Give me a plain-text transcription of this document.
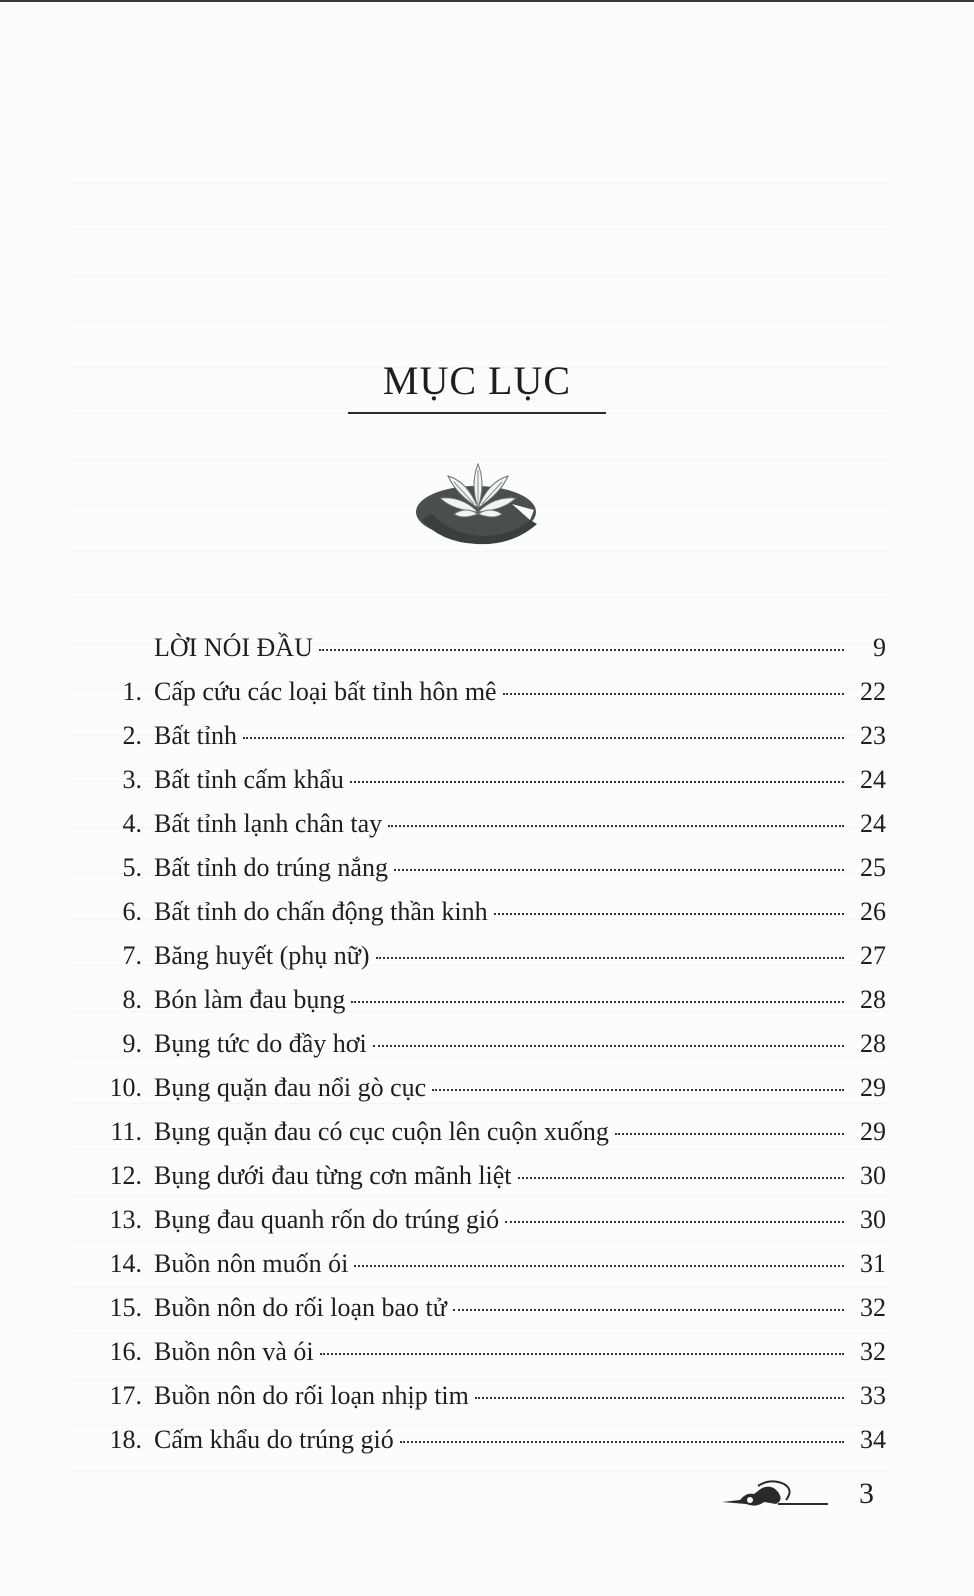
MỤC LỤC
LỜI NÓI ĐẦU	9
1. Cấp cứu các loại bất tỉnh hôn mê	22
2. Bất tỉnh	23
3. Bất tỉnh cấm khẩu	24
4. Bất tỉnh lạnh chân tay	24
5. Bất tỉnh do trúng nắng	25
6. Bất tỉnh do chấn động thần kinh	26
7. Băng huyết (phụ nữ)	27
8. Bón làm đau bụng	28
9. Bụng tức do đầy hơi	28
10. Bụng quặn đau nổi gò cục	29
11. Bụng quặn đau có cục cuộn lên cuộn xuống	29
12. Bụng dưới đau từng cơn mãnh liệt	30
13. Bụng đau quanh rốn do trúng gió	30
14. Buồn nôn muốn ói	31
15. Buồn nôn do rối loạn bao tử	32
16. Buồn nôn và ói	32
17. Buồn nôn do rối loạn nhịp tim	33
18. Cấm khẩu do trúng gió	34
3
